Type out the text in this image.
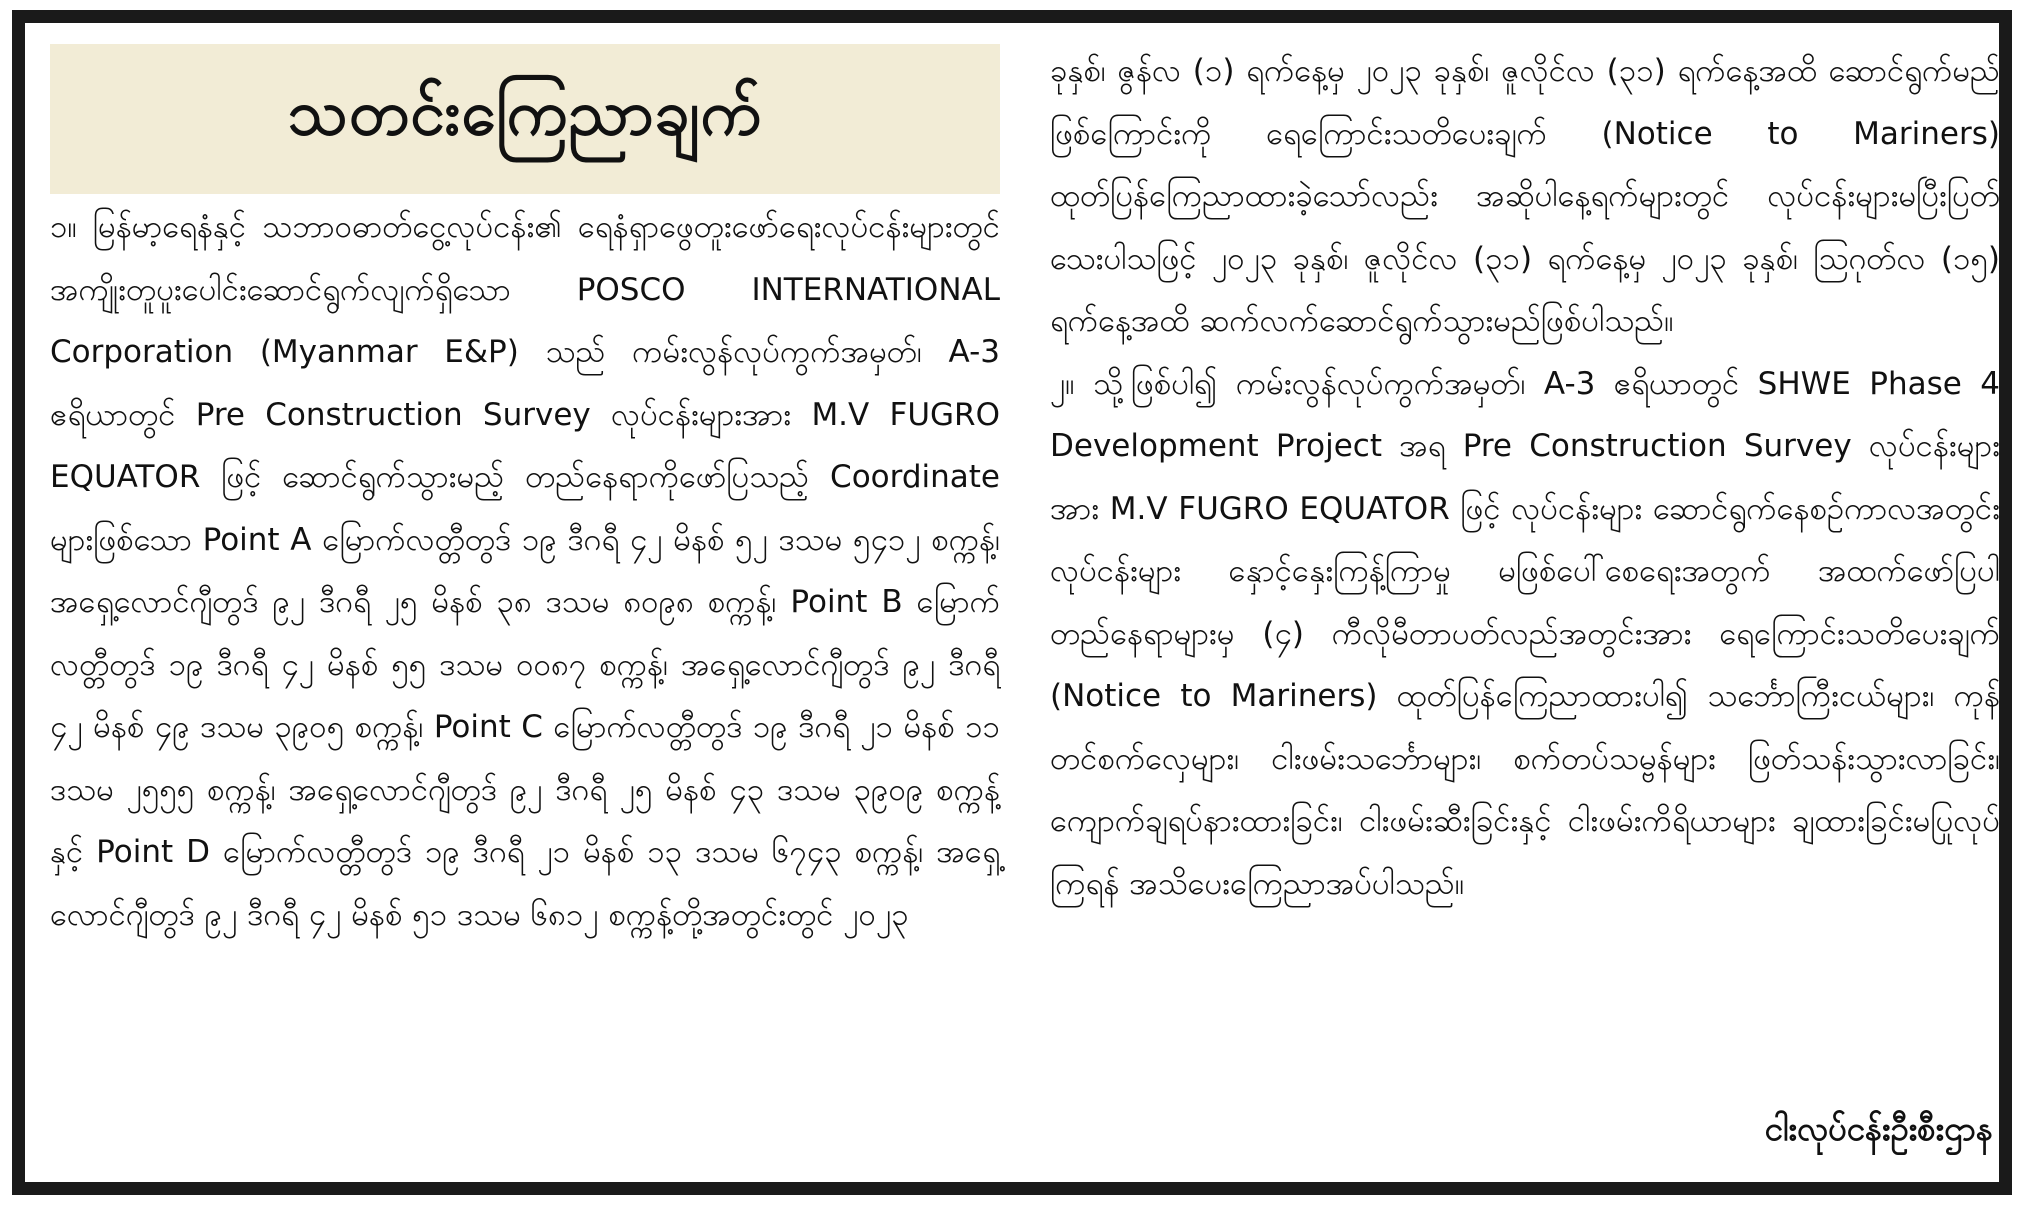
သတင်းကြေညာချက်

၁။ မြန်မာ့ရေနံနှင့် သဘာဝဓာတ်ငွေ့လုပ်ငန်း၏ ရေနံရှာဖွေတူးဖော်ရေးလုပ်ငန်းများတွင် အကျိုးတူပူးပေါင်းဆောင်ရွက်လျက်ရှိသော POSCO INTERNATIONAL Corporation (Myanmar E&P) သည် ကမ်းလွန်လုပ်ကွက်အမှတ်၊ A-3 ဧရိယာတွင် Pre Construction Survey လုပ်ငန်းများအား M.V FUGRO EQUATOR ဖြင့် ဆောင်ရွက်သွားမည့် တည်နေရာကိုဖော်ပြသည့် Coordinate များဖြစ်သော Point A မြောက်လတ္တီတွဒ် ၁၉ ဒီဂရီ ၄၂ မိနစ် ၅၂ ဒသမ ၅၄၁၂ စက္ကန့်၊ အရှေ့လောင်ဂျီတွဒ် ၉၂ ဒီဂရီ ၂၅ မိနစ် ၃၈ ဒသမ ၈၀၉၈ စက္ကန့်၊ Point B မြောက်လတ္တီတွဒ် ၁၉ ဒီဂရီ ၄၂ မိနစ် ၅၅ ဒသမ ၀၀၈၇ စက္ကန့်၊ အရှေ့လောင်ဂျီတွဒ် ၉၂ ဒီဂရီ ၄၂ မိနစ် ၄၉ ဒသမ ၃၉၀၅ စက္ကန့်၊ Point C မြောက်လတ္တီတွဒ် ၁၉ ဒီဂရီ ၂၁ မိနစ် ၁၁ ဒသမ ၂၅၅၅ စက္ကန့်၊ အရှေ့လောင်ဂျီတွဒ် ၉၂ ဒီဂရီ ၂၅ မိနစ် ၄၃ ဒသမ ၃၉၀၉ စက္ကန့်နှင့် Point D မြောက်လတ္တီတွဒ် ၁၉ ဒီဂရီ ၂၁ မိနစ် ၁၃ ဒသမ ၆၇၄၃ စက္ကန့်၊ အရှေ့လောင်ဂျီတွဒ် ၉၂ ဒီဂရီ ၄၂ မိနစ် ၅၁ ဒသမ ၆၈၁၂ စက္ကန့်တို့အတွင်းတွင် ၂၀၂၃

ခုနှစ်၊ ဇွန်လ (၁) ရက်နေ့မှ ၂၀၂၃ ခုနှစ်၊ ဇူလိုင်လ (၃၁) ရက်နေ့အထိ ဆောင်ရွက်မည်ဖြစ်ကြောင်းကို ရေကြောင်းသတိပေးချက် (Notice to Mariners) ထုတ်ပြန်ကြေညာထားခဲ့သော်လည်း အဆိုပါနေ့ရက်များတွင် လုပ်ငန်းများမပြီးပြတ်သေးပါသဖြင့် ၂၀၂၃ ခုနှစ်၊ ဇူလိုင်လ (၃၁) ရက်နေ့မှ ၂၀၂၃ ခုနှစ်၊ ဩဂုတ်လ (၁၅) ရက်နေ့အထိ ဆက်လက်ဆောင်ရွက်သွားမည်ဖြစ်ပါသည်။

၂။ သို့ဖြစ်ပါ၍ ကမ်းလွန်လုပ်ကွက်အမှတ်၊ A-3 ဧရိယာတွင် SHWE Phase 4 Development Project အရ Pre Construction Survey လုပ်ငန်းများအား M.V FUGRO EQUATOR ဖြင့် လုပ်ငန်းများ ဆောင်ရွက်နေစဉ်ကာလအတွင်း လုပ်ငန်းများ နှောင့်နှေးကြန့်ကြာမှု မဖြစ်ပေါ်စေရေးအတွက် အထက်ဖော်ပြပါ တည်နေရာများမှ (၄) ကီလိုမီတာပတ်လည်အတွင်းအား ရေကြောင်းသတိပေးချက် (Notice to Mariners) ထုတ်ပြန်ကြေညာထားပါ၍ သင်္ဘောကြီးငယ်များ၊ ကုန်တင်စက်လှေများ၊ ငါးဖမ်းသင်္ဘောများ၊ စက်တပ်သမ္ဗန်များ ဖြတ်သန်းသွားလာခြင်း၊ ကျောက်ချရပ်နားထားခြင်း၊ ငါးဖမ်းဆီးခြင်းနှင့် ငါးဖမ်းကိရိယာများ ချထားခြင်းမပြုလုပ်ကြရန် အသိပေးကြေညာအပ်ပါသည်။

ငါးလုပ်ငန်းဦးစီးဌာန
